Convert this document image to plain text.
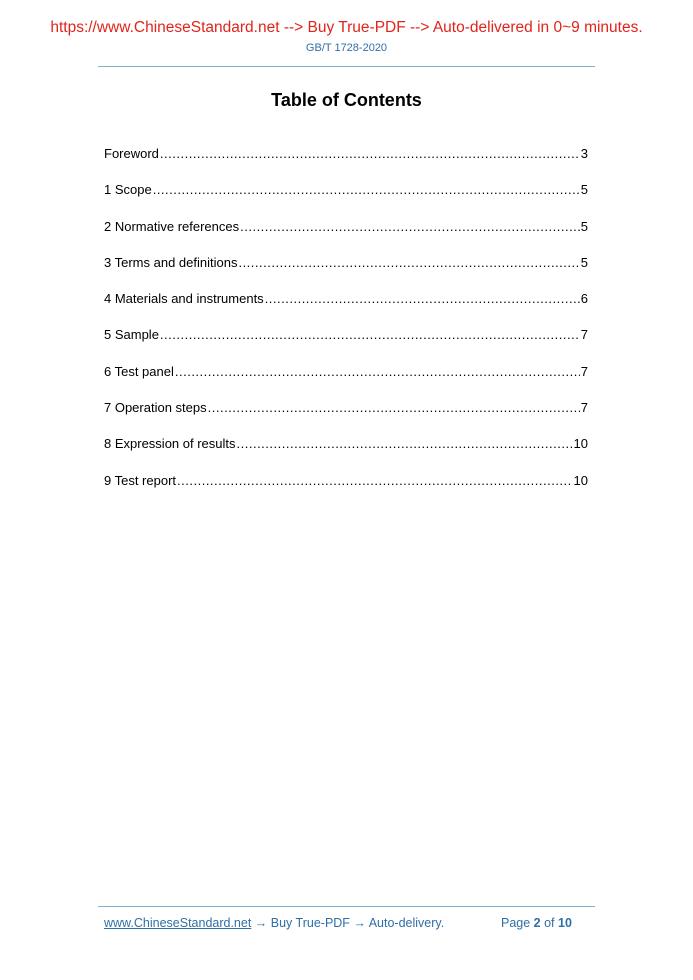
https://www.ChineseStandard.net --> Buy True-PDF --> Auto-delivered in 0~9 minutes.
GB/T 1728-2020
Table of Contents
Foreword .....	3
1 Scope .....	5
2 Normative references .....	5
3 Terms and definitions .....	5
4 Materials and instruments .....	6
5 Sample .....	7
6 Test panel .....	7
7 Operation steps .....	7
8 Expression of results .....	10
9 Test report .....	10
www.ChineseStandard.net → Buy True-PDF → Auto-delivery.	Page 2 of 10
